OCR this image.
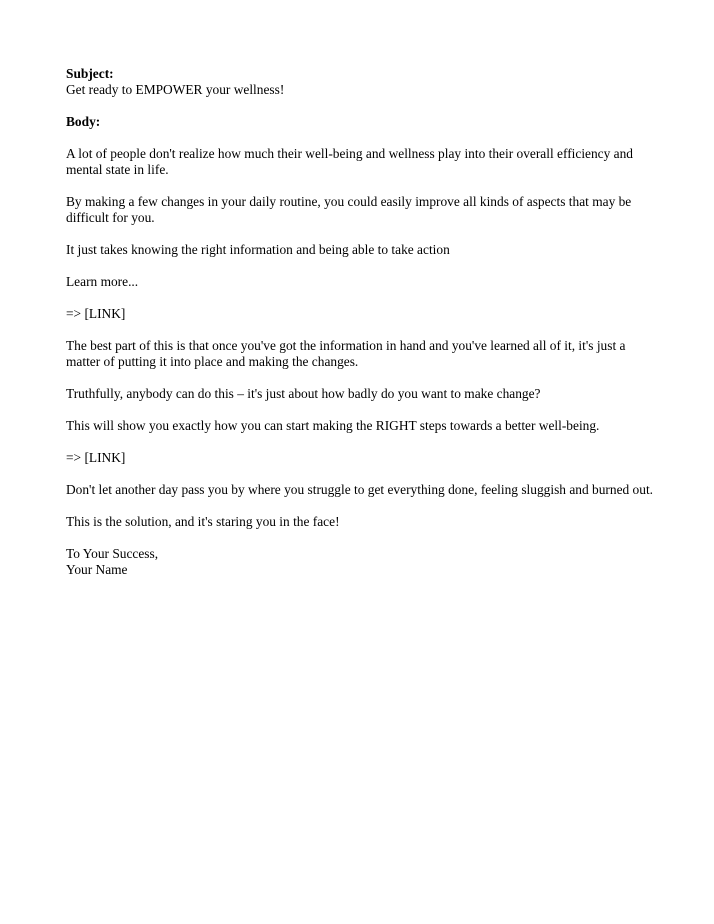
Subject:
Get ready to EMPOWER your wellness!
Body:

A lot of people don't realize how much their well-being and wellness play into their overall efficiency and mental state in life.

By making a few changes in your daily routine, you could easily improve all kinds of aspects that may be difficult for you.

It just takes knowing the right information and being able to take action

Learn more...

=> [LINK]

The best part of this is that once you've got the information in hand and you've learned all of it, it's just a matter of putting it into place and making the changes.

Truthfully, anybody can do this – it's just about how badly do you want to make change?

This will show you exactly how you can start making the RIGHT steps towards a better well-being.

=> [LINK]

Don't let another day pass you by where you struggle to get everything done, feeling sluggish and burned out.

This is the solution, and it's staring you in the face!

To Your Success,
Your Name
